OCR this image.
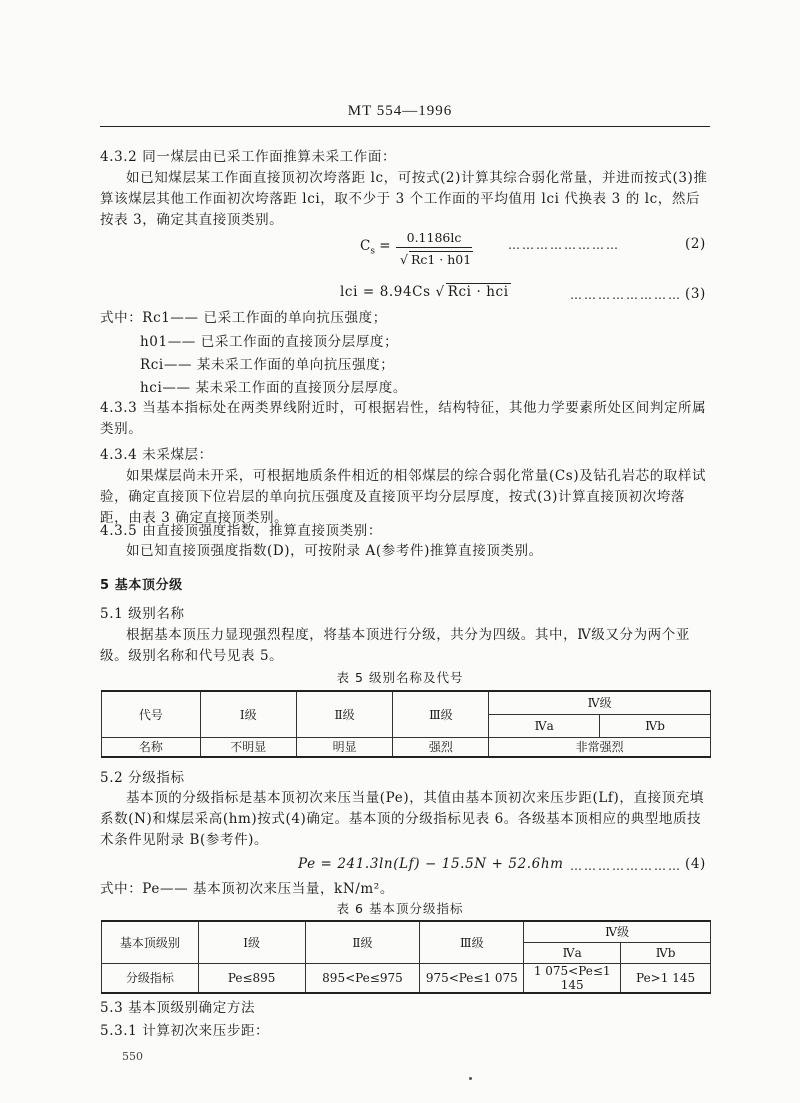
MT 554—1996
4.3.2 同一煤层由已采工作面推算未采工作面：
如已知煤层某工作面直接顶初次垮落距 lc，可按式(2)计算其综合弱化常量，并进而按式(3)推算该煤层其他工作面初次垮落距 lci，取不少于 3 个工作面的平均值用 lci 代换表 3 的 lc，然后按表 3，确定其直接顶类别。
$C_s$ =
0.1186lc
√ Rc1 · h01
……………………	(2)
lci = 8.94Cs √ Rci · hci	…………………… (3)
式中：Rc1—— 已采工作面的单向抗压强度；
h01—— 已采工作面的直接顶分层厚度；
Rci—— 某未采工作面的单向抗压强度；
hci—— 某未采工作面的直接顶分层厚度。
4.3.3 当基本指标处在两类界线附近时，可根据岩性，结构特征，其他力学要素所处区间判定所属类别。
4.3.4 未采煤层：
如果煤层尚未开采，可根据地质条件相近的相邻煤层的综合弱化常量(Cs)及钻孔岩芯的取样试验，确定直接顶下位岩层的单向抗压强度及直接顶平均分层厚度，按式(3)计算直接顶初次垮落距，由表 3 确定直接顶类别。
4.3.5 由直接顶强度指数，推算直接顶类别：
如已知直接顶强度指数(D)，可按附录 A(参考件)推算直接顶类别。
5 基本顶分级
5.1 级别名称
根据基本顶压力显现强烈程度，将基本顶进行分级，共分为四级。其中，Ⅳ级又分为两个亚级。级别名称和代号见表 5。
表 5 级别名称及代号
代号	Ⅰ级	Ⅱ级	Ⅲ级	Ⅳ级	
				Ⅳa	Ⅳb
名称	不明显	明显	强烈	非常强烈	
5.2 分级指标
基本顶的分级指标是基本顶初次来压当量(Pe)，其值由基本顶初次来压步距(Lf)，直接顶充填系数(N)和煤层采高(hm)按式(4)确定。基本顶的分级指标见表 6。各级基本顶相应的典型地质技术条件见附录 B(参考件)。
Pe = 241.3ln(Lf) − 15.5N + 52.6hm …………………… (4)
式中：Pe—— 基本顶初次来压当量，kN/m²。
表 6 基本顶分级指标
基本顶级别	Ⅰ级	Ⅱ级	Ⅲ级	Ⅳ级	
				Ⅳa	Ⅳb
分级指标	Pe≤895	895<Pe≤975	975<Pe≤1 075	1 075<Pe≤1 145	Pe>1 145
5.3 基本顶级别确定方法
5.3.1 计算初次来压步距：
550
